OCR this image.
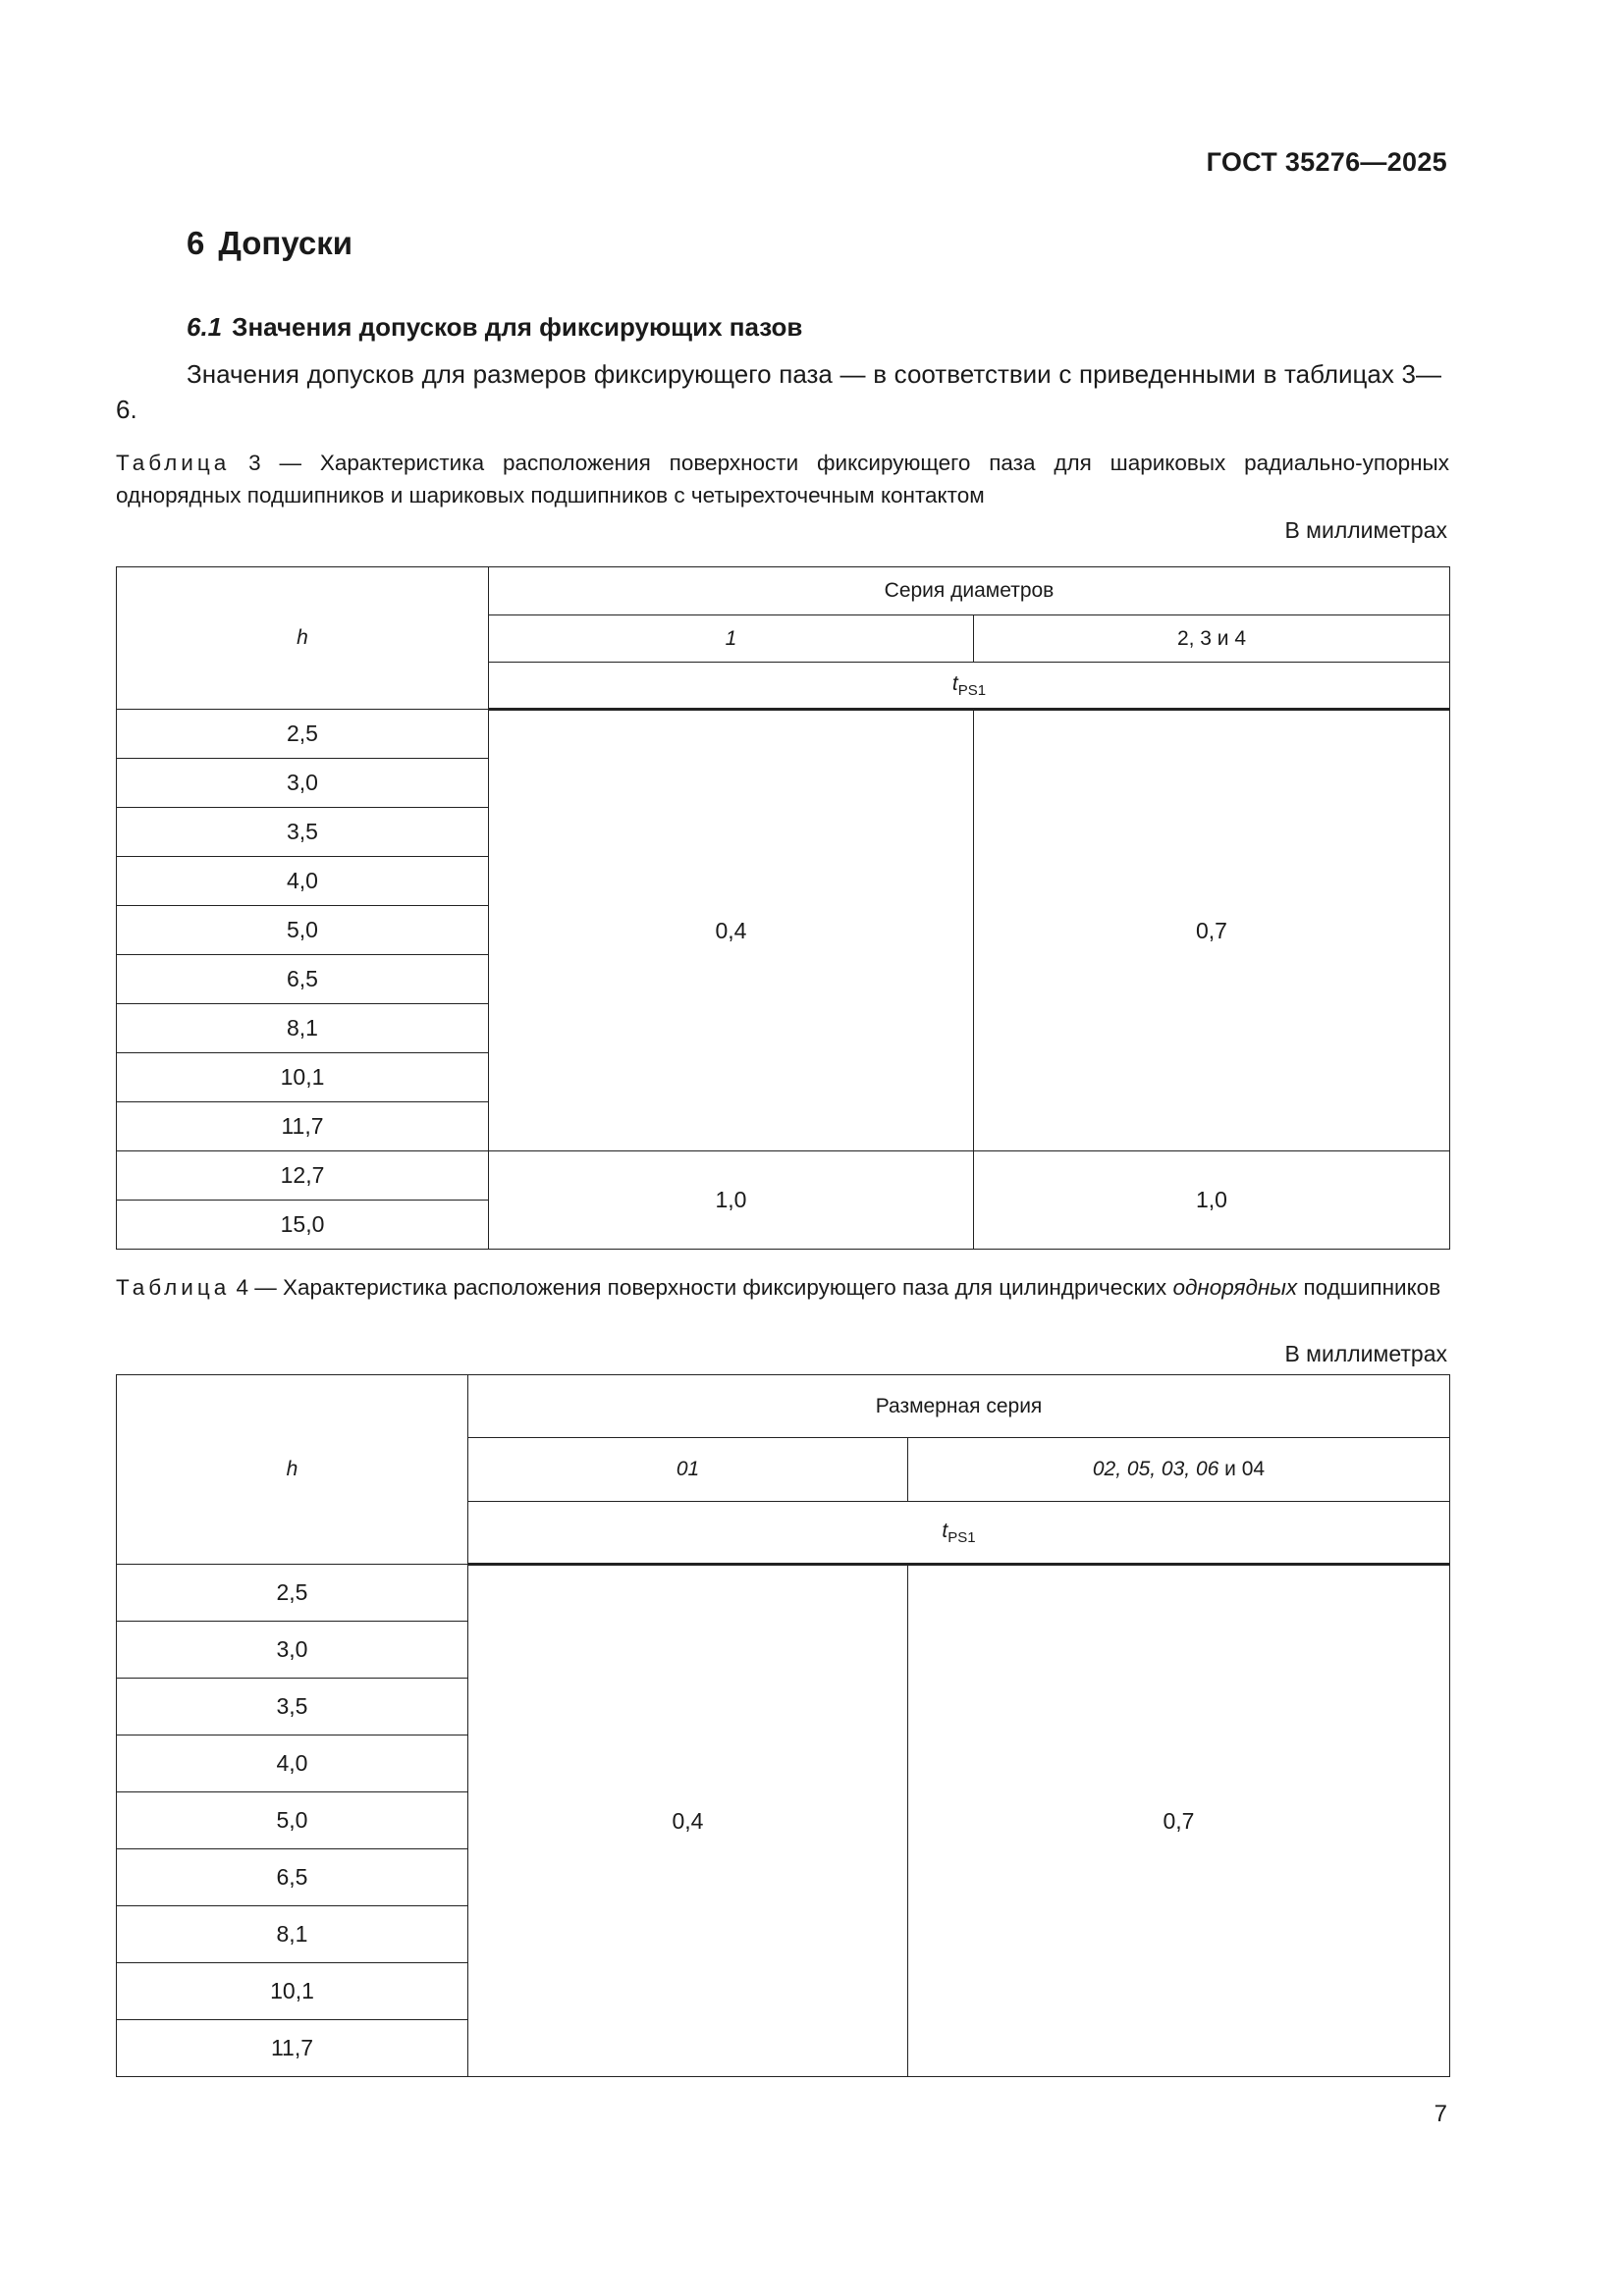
ГОСТ 35276—2025
6 Допуски
6.1 Значения допусков для фиксирующих пазов
Значения допусков для размеров фиксирующего паза — в соответствии с приведенными в таблицах 3—6.
Таблица 3 — Характеристика расположения поверхности фиксирующего паза для шариковых радиально-упорных однорядных подшипников и шариковых подшипников с четырехточечным контактом
В миллиметрах
h	Серия диаметров	
	1	2, 3 и 4
	$t_{PS1}$
2,5	0,4	0,7
3,0		
3,5		
4,0		
5,0		
6,5		
8,1		
10,1		
11,7		
12,7	1,0	1,0
15,0		
Таблица 4 — Характеристика расположения поверхности фиксирующего паза для цилиндрических однорядных подшипников
В миллиметрах
h	Размерная серия	
	01	02, 05, 03, 06 и 04
	$t_{PS1}$
2,5	0,4	0,7
3,0		
3,5		
4,0		
5,0		
6,5		
8,1		
10,1		
11,7		
7
